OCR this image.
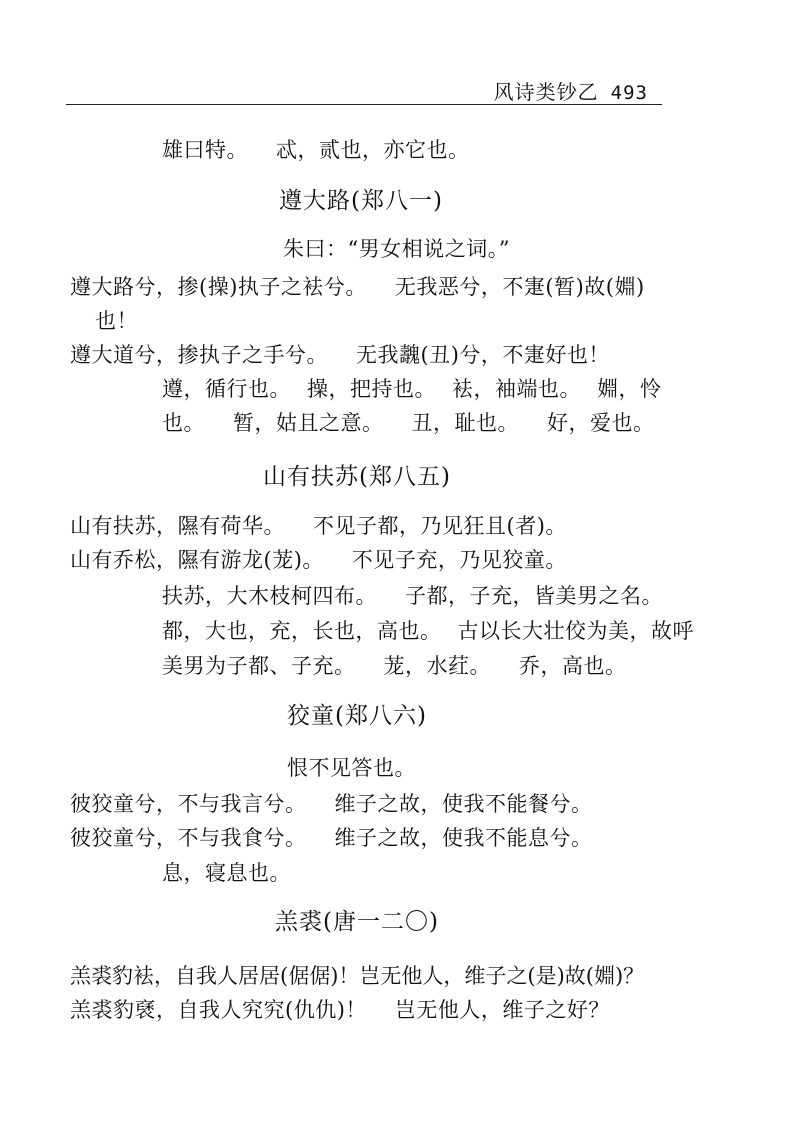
风诗类钞乙 493
雄曰特。 忒，贰也，亦它也。
遵大路(郑八一)
朱曰：“男女相说之词。”
遵大路兮，掺(操)执子之袪兮。 无我恶兮，不寁(暂)故(婣)
也！
遵大道兮，掺执子之手兮。 无我魗(丑)兮，不寁好也！
遵，循行也。 操，把持也。 袪，袖端也。 婣，怜
也。 暂，姑且之意。 丑，耻也。 好，爱也。
山有扶苏(郑八五)
山有扶苏，隰有荷华。 不见子都，乃见狂且(者)。
山有乔松，隰有游龙(茏)。 不见子充，乃见狡童。
扶苏，大木枝柯四布。 子都，子充，皆美男之名。
都，大也，充，长也，高也。 古以长大壮佼为美，故呼
美男为子都、子充。 茏，水荭。 乔，高也。
狡童(郑八六)
恨不见答也。
彼狡童兮，不与我言兮。 维子之故，使我不能餐兮。
彼狡童兮，不与我食兮。 维子之故，使我不能息兮。
息，寝息也。
羔裘(唐一二〇)
羔裘豹袪，自我人居居(倨倨)！岂无他人，维子之(是)故(婣)？
羔裘豹褎，自我人究究(仇仇)！ 岂无他人，维子之好？
